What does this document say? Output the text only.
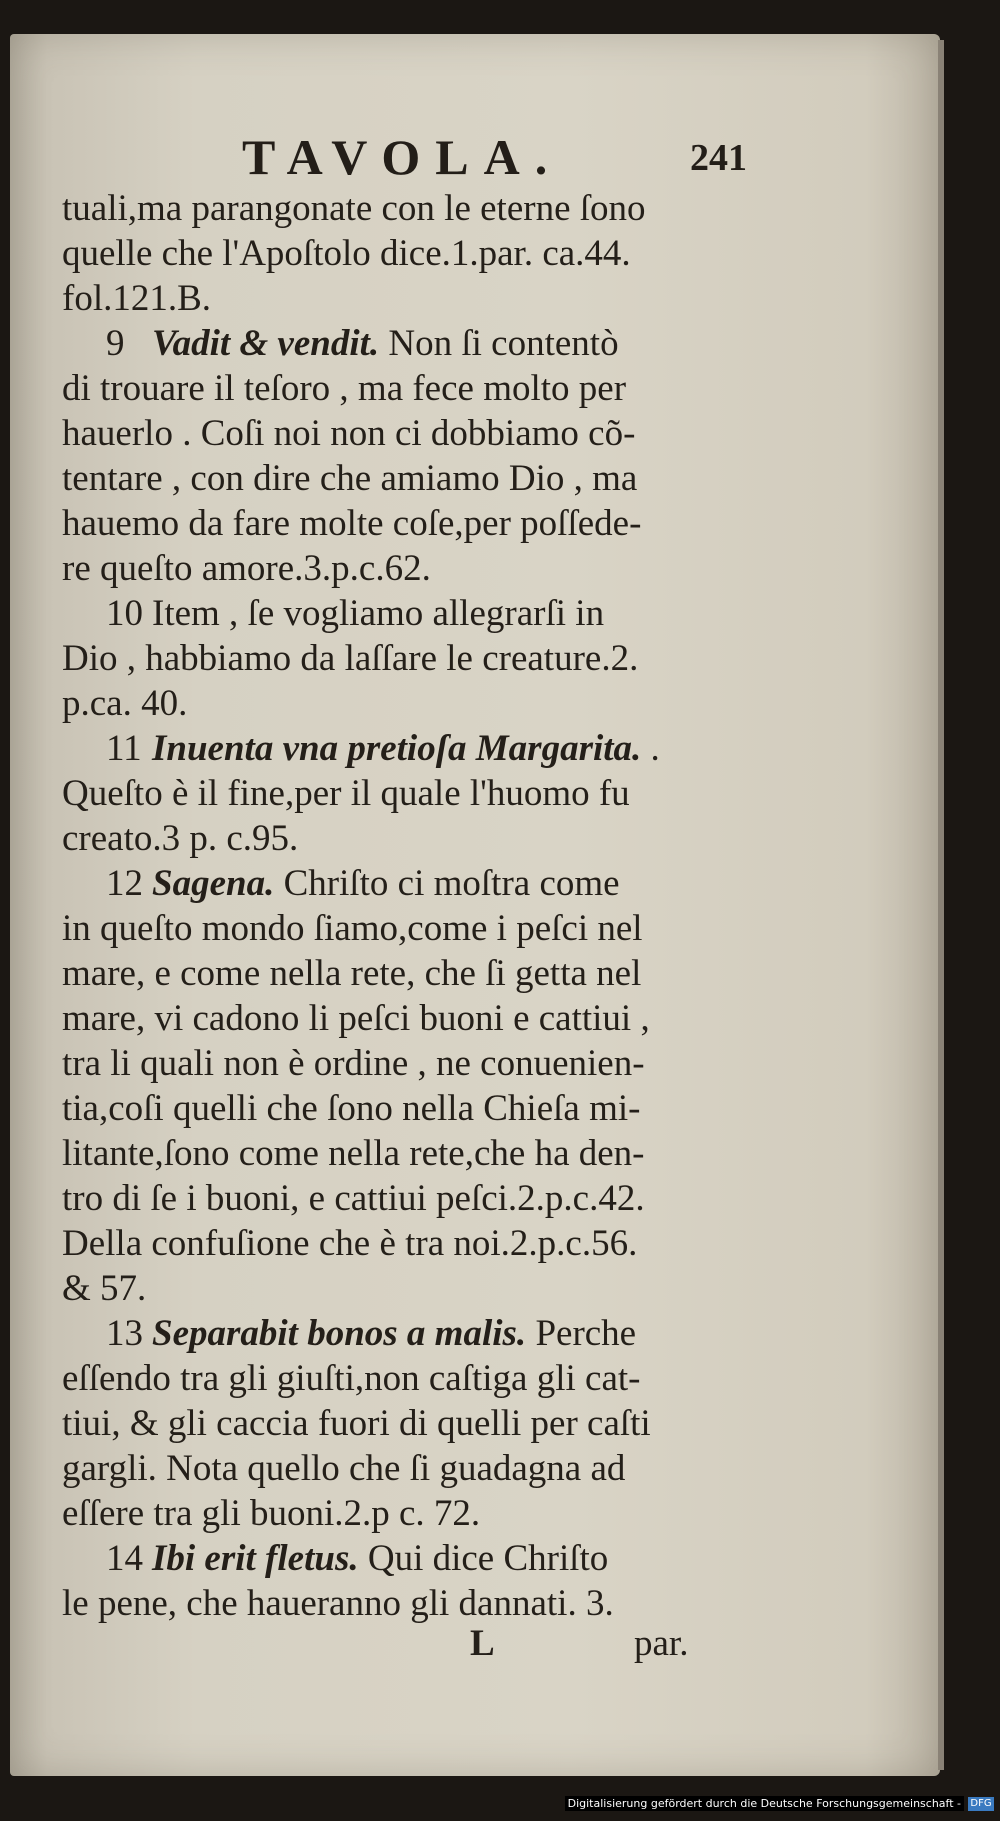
TAVOLA.	241
tuali,ma parangonate con le eterne ſono
quelle che l'Apoſtolo dice.1.par. ca.44.
fol.121.B.
9 Vadit & vendit. Non ſi contentò
di trouare il teſoro , ma fece molto per
hauerlo . Coſi noi non ci dobbiamo cõ-
tentare , con dire che amiamo Dio , ma
hauemo da fare molte coſe,per poſſede-
re queſto amore.3.p.c.62.
10 Item , ſe vogliamo allegrarſi in
Dio , habbiamo da laſſare le creature.2.
p.ca. 40.
11 Inuenta vna pretioſa Margarita. .
Queſto è il fine,per il quale l'huomo fu
creato.3 p. c.95.
12 Sagena. Chriſto ci moſtra come
in queſto mondo ſiamo,come i peſci nel
mare, e come nella rete, che ſi getta nel
mare, vi cadono li peſci buoni e cattiui ,
tra li quali non è ordine , ne conuenien-
tia,coſi quelli che ſono nella Chieſa mi-
litante,ſono come nella rete,che ha den-
tro di ſe i buoni, e cattiui peſci.2.p.c.42.
Della confuſione che è tra noi.2.p.c.56.
& 57.
13 Separabit bonos a malis. Perche
eſſendo tra gli giuſti,non caſtiga gli cat-
tiui, & gli caccia fuori di quelli per caſti
gargli. Nota quello che ſi guadagna ad
eſſere tra gli buoni.2.p c. 72.
14 Ibi erit fletus. Qui dice Chriſto
le pene, che haueranno gli dannati. 3.
L	par.
Digitalisierung gefördert durch die Deutsche Forschungsgemeinschaft - DFG
